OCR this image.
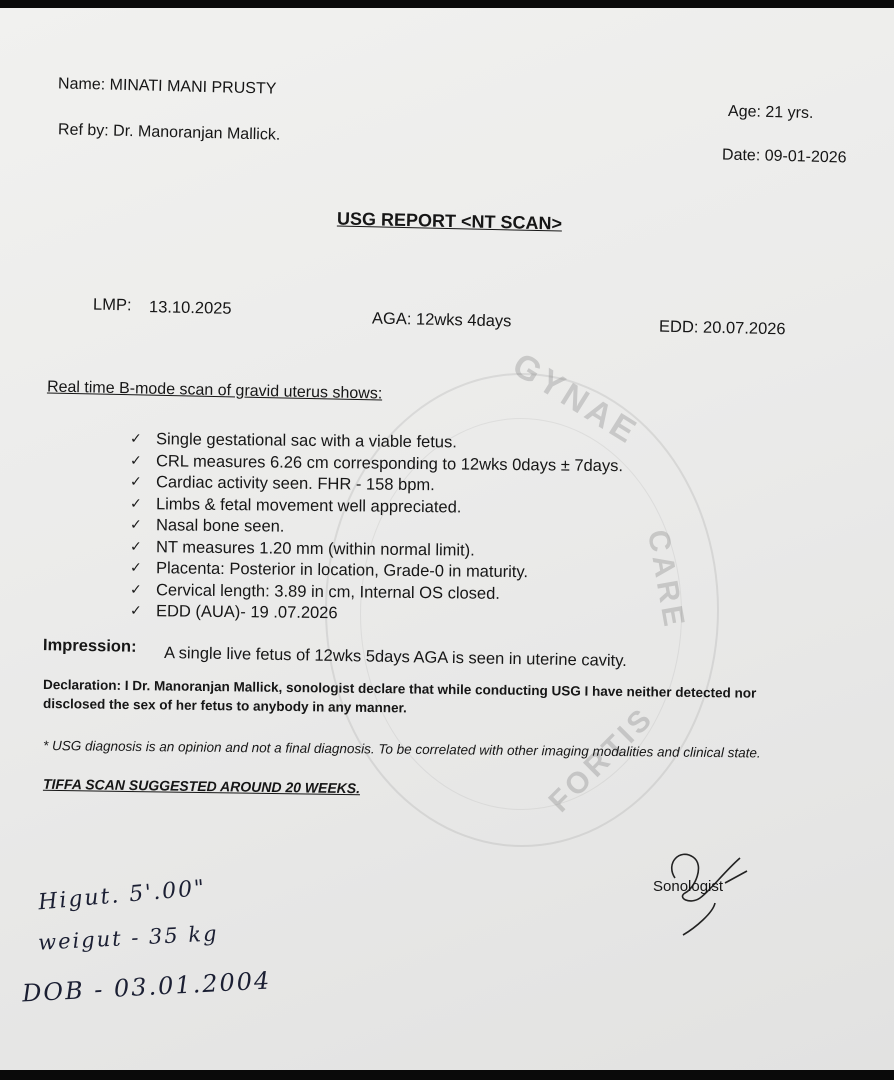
GYNAE
CARE
FORTIS
Name: MINATI MANI PRUSTY
Ref by: Dr. Manoranjan Mallick.
Age: 21 yrs.
Date: 09-01-2026
USG REPORT <NT SCAN>
LMP: 13.10.2025
AGA: 12wks 4days	EDD: 20.07.2026
Real time B-mode scan of gravid uterus shows:
✓ Single gestational sac with a viable fetus.
✓ CRL measures 6.26 cm corresponding to 12wks 0days ± 7days.
✓ Cardiac activity seen. FHR - 158 bpm.
✓ Limbs & fetal movement well appreciated.
✓ Nasal bone seen.
✓ NT measures 1.20 mm (within normal limit).
✓ Placenta: Posterior in location, Grade-0 in maturity.
✓ Cervical length: 3.89 in cm, Internal OS closed.
✓ EDD (AUA)- 19 .07.2026
Impression: A single live fetus of 12wks 5days AGA is seen in uterine cavity.
Declaration: I Dr. Manoranjan Mallick, sonologist declare that while conducting USG I have neither detected nor
disclosed the sex of her fetus to anybody in any manner.
* USG diagnosis is an opinion and not a final diagnosis. To be correlated with other imaging modalities and clinical state.
TIFFA SCAN SUGGESTED AROUND 20 WEEKS.
Sonologist
Higut. 5'.00"
weigut - 35 kg
DOB - 03.01.2004
